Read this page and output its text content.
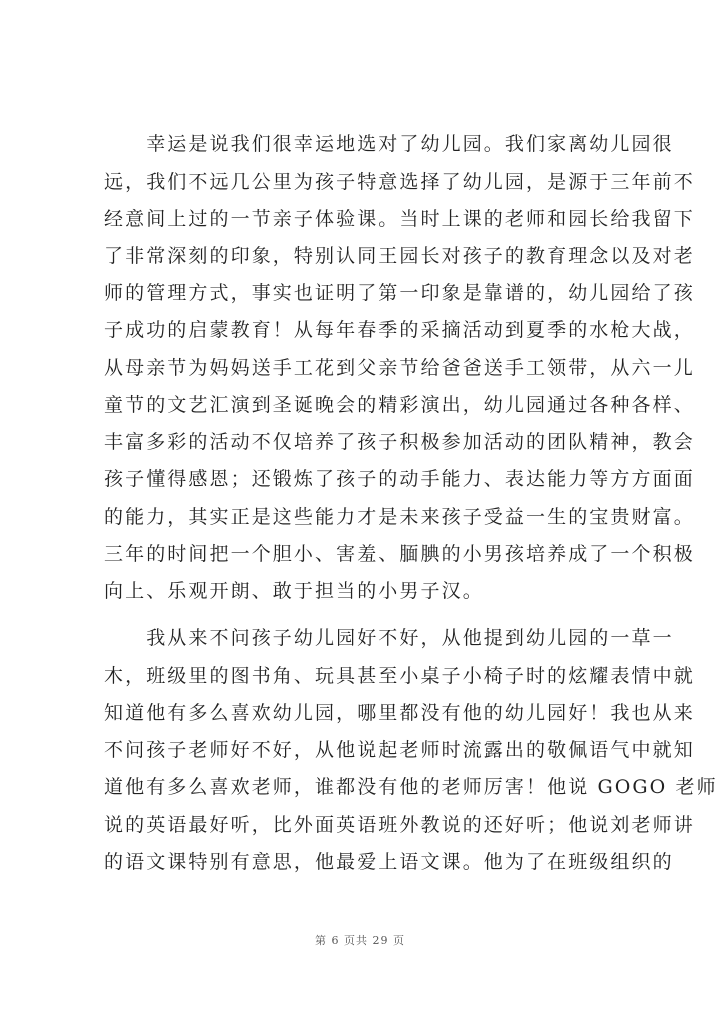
　　幸运是说我们很幸运地选对了幼儿园。我们家离幼儿园很
远，我们不远几公里为孩子特意选择了幼儿园，是源于三年前不
经意间上过的一节亲子体验课。当时上课的老师和园长给我留下
了非常深刻的印象，特别认同王园长对孩子的教育理念以及对老
师的管理方式，事实也证明了第一印象是靠谱的，幼儿园给了孩
子成功的启蒙教育！从每年春季的采摘活动到夏季的水枪大战，
从母亲节为妈妈送手工花到父亲节给爸爸送手工领带，从六一儿
童节的文艺汇演到圣诞晚会的精彩演出，幼儿园通过各种各样、
丰富多彩的活动不仅培养了孩子积极参加活动的团队精神，教会
孩子懂得感恩；还锻炼了孩子的动手能力、表达能力等方方面面
的能力，其实正是这些能力才是未来孩子受益一生的宝贵财富。
三年的时间把一个胆小、害羞、腼腆的小男孩培养成了一个积极
向上、乐观开朗、敢于担当的小男子汉。
　　我从来不问孩子幼儿园好不好，从他提到幼儿园的一草一
木，班级里的图书角、玩具甚至小桌子小椅子时的炫耀表情中就
知道他有多么喜欢幼儿园，哪里都没有他的幼儿园好！我也从来
不问孩子老师好不好，从他说起老师时流露出的敬佩语气中就知
道他有多么喜欢老师，谁都没有他的老师厉害！他说 GOGO 老师
说的英语最好听，比外面英语班外教说的还好听；他说刘老师讲
的语文课特别有意思，他最爱上语文课。他为了在班级组织的
第 6 页共 29 页
